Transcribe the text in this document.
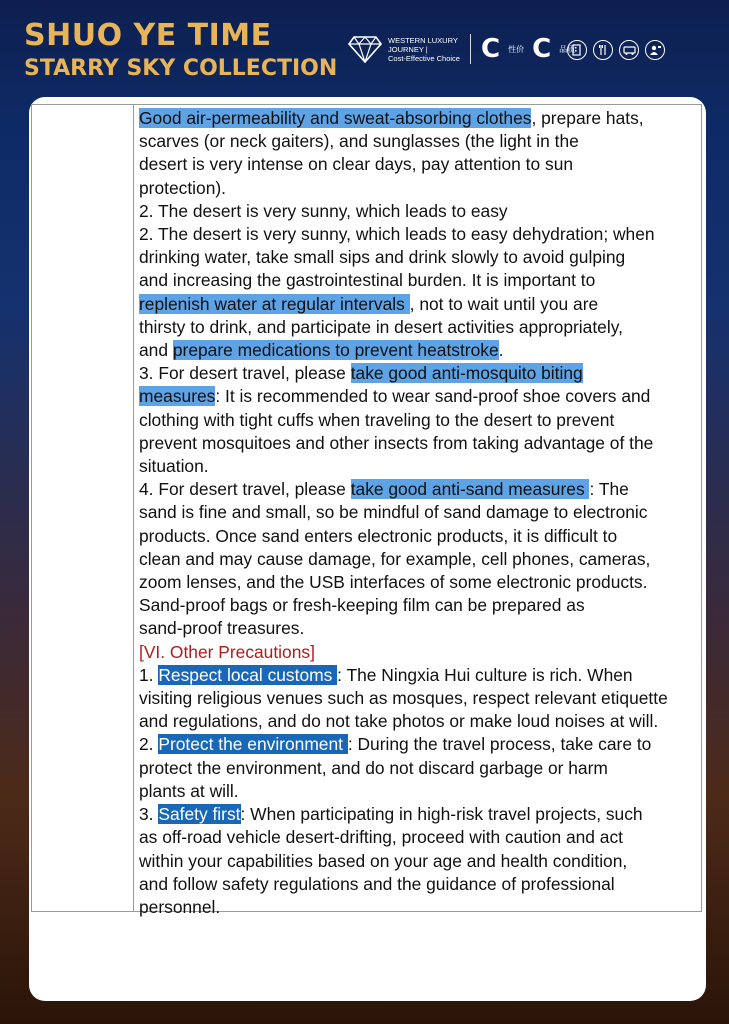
SHUO YE TIME
STARRY SKY COLLECTION
WESTERN LUXURY
JOURNEY |
Cost-Effective Choice C 性价 C 品质

Good air-permeability and sweat-absorbing clothes, prepare hats,

scarves (or neck gaiters), and sunglasses (the light in the

desert is very intense on clear days, pay attention to sun

protection).

2. The desert is very sunny, which leads to easy

2. The desert is very sunny, which leads to easy dehydration; when

drinking water, take small sips and drink slowly to avoid gulping

and increasing the gastrointestinal burden. It is important to

replenish water at regular intervals , not to wait until you are

thirsty to drink, and participate in desert activities appropriately,

and prepare medications to prevent heatstroke.

3. For desert travel, please take good anti-mosquito biting

measures: It is recommended to wear sand-proof shoe covers and

clothing with tight cuffs when traveling to the desert to prevent

prevent mosquitoes and other insects from taking advantage of the

situation.

4. For desert travel, please take good anti-sand measures : The

sand is fine and small, so be mindful of sand damage to electronic

products. Once sand enters electronic products, it is difficult to

clean and may cause damage, for example, cell phones, cameras,

zoom lenses, and the USB interfaces of some electronic products.

Sand-proof bags or fresh-keeping film can be prepared as

sand-proof treasures.

[VI. Other Precautions]

1. Respect local customs : The Ningxia Hui culture is rich. When

visiting religious venues such as mosques, respect relevant etiquette

and regulations, and do not take photos or make loud noises at will.

2. Protect the environment : During the travel process, take care to

protect the environment, and do not discard garbage or harm

plants at will.

3. Safety first: When participating in high-risk travel projects, such

as off-road vehicle desert-drifting, proceed with caution and act

within your capabilities based on your age and health condition,

and follow safety regulations and the guidance of professional

personnel.
